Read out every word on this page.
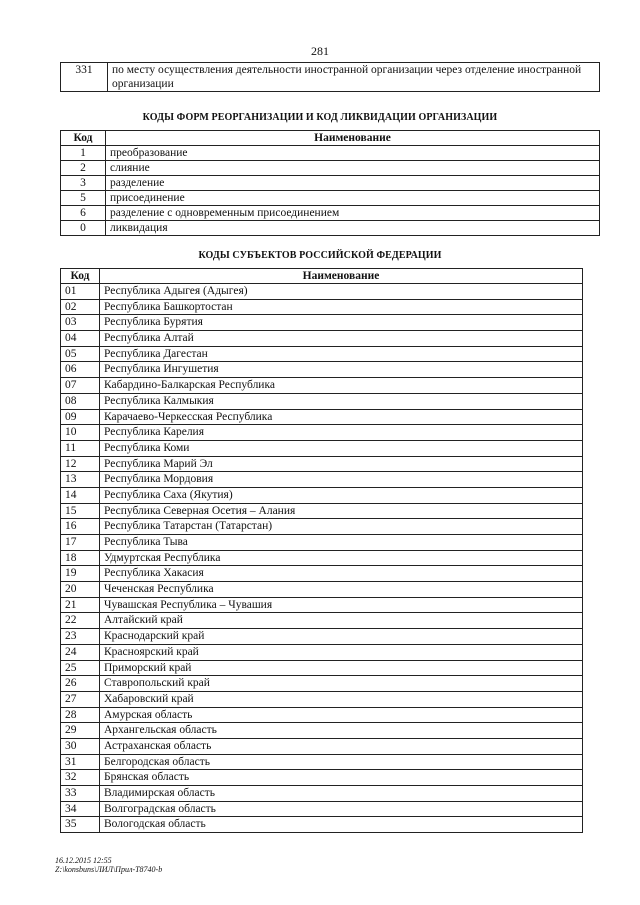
281
331	по месту осуществления деятельности иностранной организации через отделение иностранной организации
КОДЫ ФОРМ РЕОРГАНИЗАЦИИ И КОД ЛИКВИДАЦИИ ОРГАНИЗАЦИИ
Код	Наименование
1	преобразование
2	слияние
3	разделение
5	присоединение
6	разделение с одновременным присоединением
0	ликвидация
КОДЫ СУБЪЕКТОВ РОССИЙСКОЙ ФЕДЕРАЦИИ
Код	Наименование
01	Республика Адыгея (Адыгея)
02	Республика Башкортостан
03	Республика Бурятия
04	Республика Алтай
05	Республика Дагестан
06	Республика Ингушетия
07	Кабардино-Балкарская Республика
08	Республика Калмыкия
09	Карачаево-Черкесская Республика
10	Республика Карелия
11	Республика Коми
12	Республика Марий Эл
13	Республика Мордовия
14	Республика Саха (Якутия)
15	Республика Северная Осетия – Алания
16	Республика Татарстан (Татарстан)
17	Республика Тыва
18	Удмуртская Республика
19	Республика Хакасия
20	Чеченская Республика
21	Чувашская Республика – Чувашия
22	Алтайский край
23	Краснодарский край
24	Красноярский край
25	Приморский край
26	Ставропольский край
27	Хабаровский край
28	Амурская область
29	Архангельская область
30	Астраханская область
31	Белгородская область
32	Брянская область
33	Владимирская область
34	Волгоградская область
35	Вологодская область
16.12.2015 12:55
Z:\konsbuns\ЛИЛ\Прил-Т8740-b
